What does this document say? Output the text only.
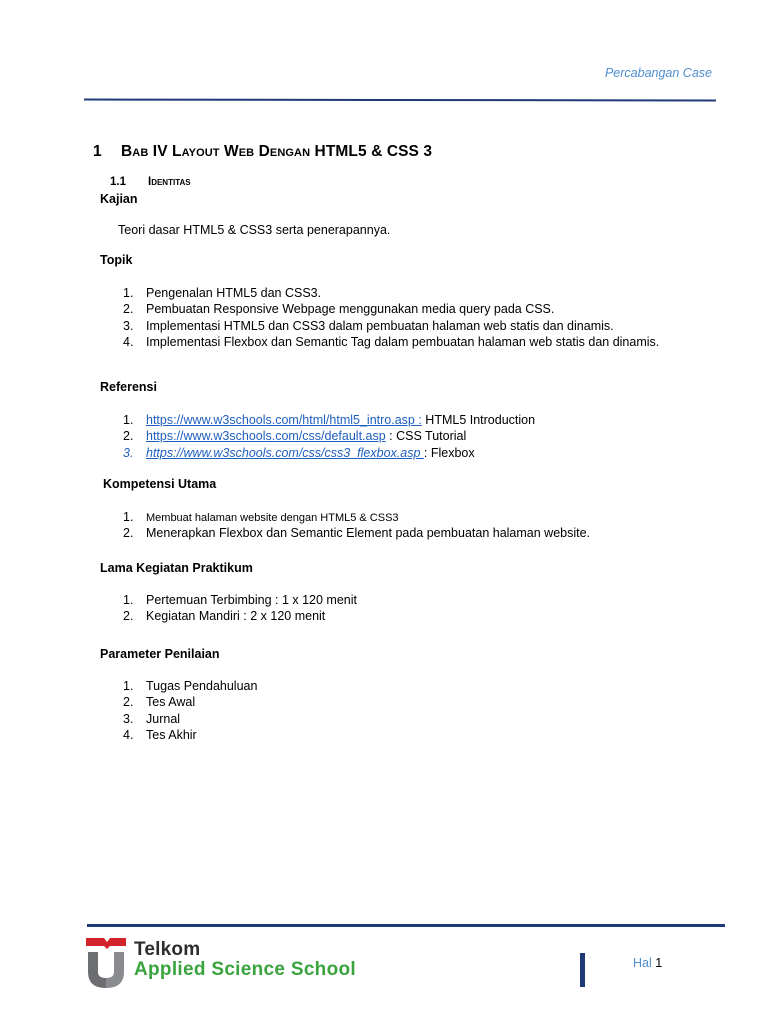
Percabangan Case
1 Bab IV Layout Web Dengan HTML5 & CSS 3
1.1 Identitas
Kajian
Teori dasar HTML5 & CSS3 serta penerapannya.
Topik
1. Pengenalan HTML5 dan CSS3.
2. Pembuatan Responsive Webpage menggunakan media query pada CSS.
3. Implementasi HTML5 dan CSS3 dalam pembuatan halaman web statis dan dinamis.
4. Implementasi Flexbox dan Semantic Tag dalam pembuatan halaman web statis dan dinamis.
Referensi
1. https://www.w3schools.com/html/html5_intro.asp : HTML5 Introduction
2. https://www.w3schools.com/css/default.asp : CSS Tutorial
3. https://www.w3schools.com/css/css3_flexbox.asp : Flexbox
Kompetensi Utama
1. Membuat halaman website dengan HTML5 & CSS3
2. Menerapkan Flexbox dan Semantic Element pada pembuatan halaman website.
Lama Kegiatan Praktikum
1. Pertemuan Terbimbing : 1 x 120 menit
2. Kegiatan Mandiri : 2 x 120 menit
Parameter Penilaian
1. Tugas Pendahuluan
2. Tes Awal
3. Jurnal
4. Tes Akhir
Telkom
Applied Science School	Hal 1
